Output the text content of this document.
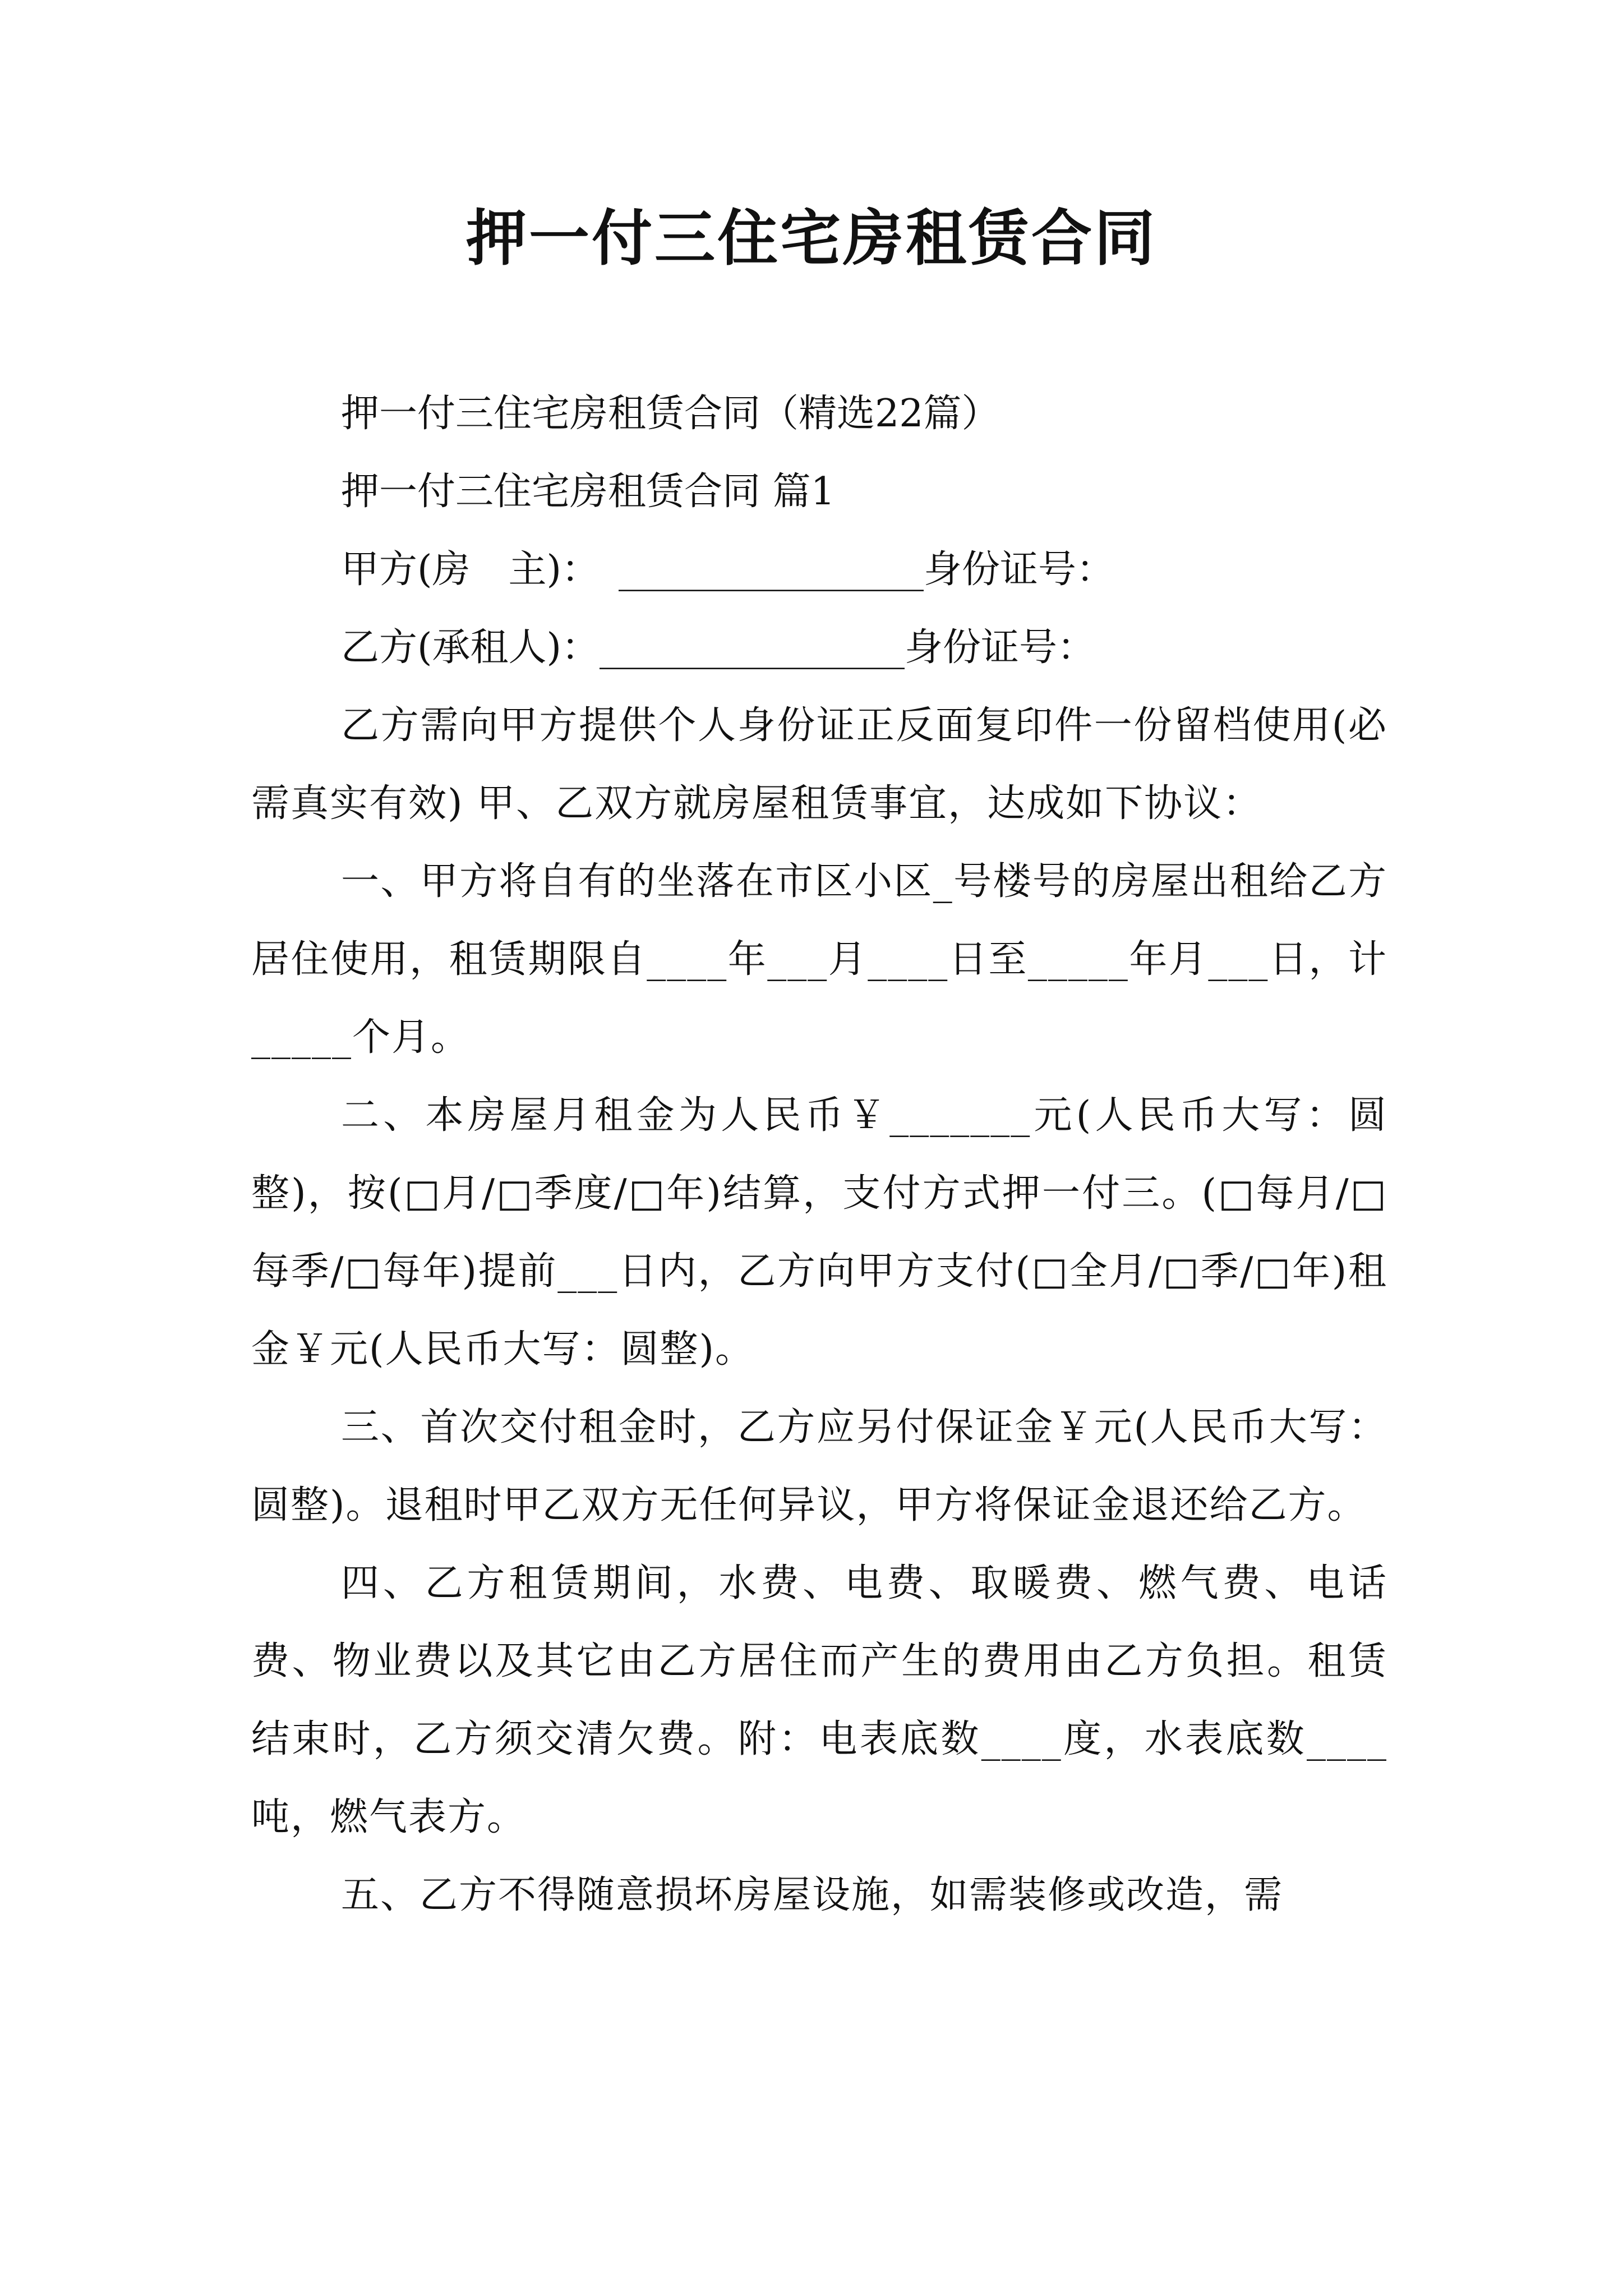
押一付三住宅房租赁合同

押一付三住宅房租赁合同（精选22篇）

押一付三住宅房租赁合同 篇1

甲方(房　主)：　________________身份证号：

乙方(承租人)：________________身份证号：

乙方需向甲方提供个人身份证正反面复印件一份留档使用(必需真实有效) 甲、乙双方就房屋租赁事宜，达成如下协议：

一、甲方将自有的坐落在市区小区_号楼号的房屋出租给乙方居住使用，租赁期限自____年___月____日至_____年月___日，计_____个月。

二、本房屋月租金为人民币￥_______元(人民币大写：圆整)，按(□月/□季度/□年)结算，支付方式押一付三。(□每月/□每季/□每年)提前___日内，乙方向甲方支付(□全月/□季/□年)租金￥元(人民币大写：圆整)。

三、首次交付租金时，乙方应另付保证金￥元(人民币大写：圆整)。退租时甲乙双方无任何异议，甲方将保证金退还给乙方。

四、乙方租赁期间，水费、电费、取暖费、燃气费、电话费、物业费以及其它由乙方居住而产生的费用由乙方负担。租赁结束时，乙方须交清欠费。附：电表底数____度，水表底数____吨，燃气表方。

五、乙方不得随意损坏房屋设施，如需装修或改造，需
